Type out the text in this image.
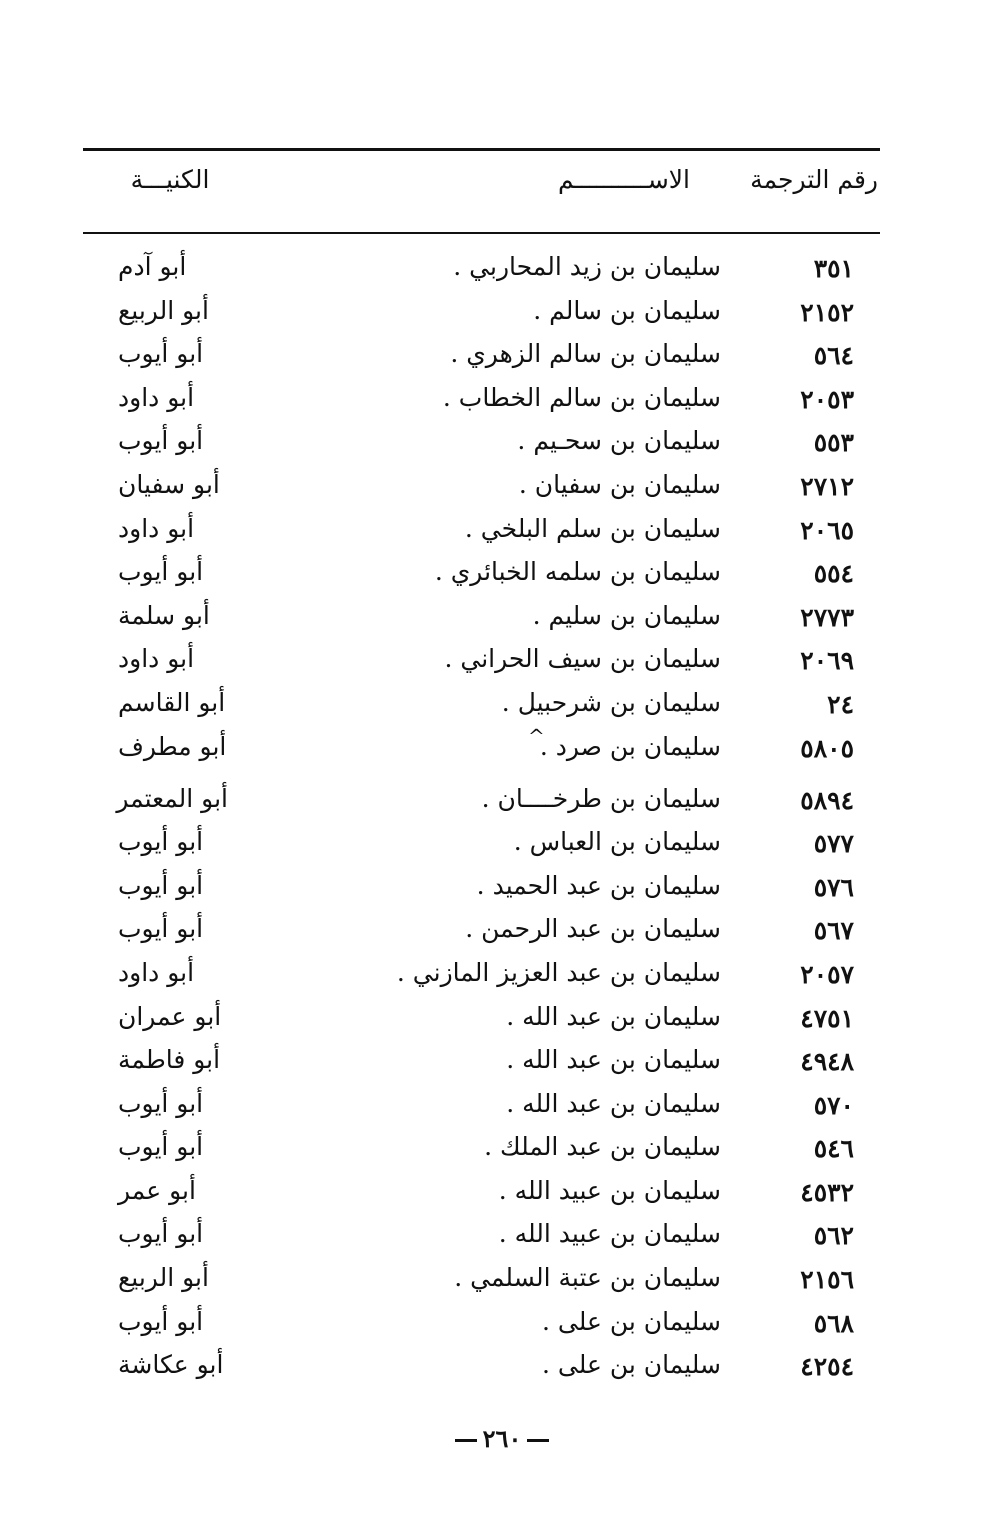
رقم الترجمة
الاســــــــــم
الكنيـــة
٣٥١
سليمان بن زيد المحاربي .
أبو آدم
٢١٥٢
سليمان بن سالم .
أبو الربيع
٥٦٤
سليمان بن سالم الزهري .
أبو أيوب
٢٠٥٣
سليمان بن سالم الخطاب .
أبو داود
٥٥٣
سليمان بن سحـيم .
أبو أيوب
٢٧١٢
سليمان بن سفيان .
أبو سفيان
٢٠٦٥
سليمان بن سلم البلخي .
أبو داود
٥٥٤
سليمان بن سلمه الخبائري .
أبو أيوب
٢٧٧٣
سليمان بن سليم .
أبو سلمة
٢٠٦٩
سليمان بن سيف الحراني .
أبو داود
٢٤
سليمان بن شرحبيل .
أبو القاسم
٥٨٠٥
سليمان بن صرد .
أبو مطرف
٥٨٩٤
سليمان بن طرخــــان .
أبو المعتمر
٥٧٧
سليمان بن العباس .
أبو أيوب
٥٧٦
سليمان بن عبد الحميد .
أبو أيوب
٥٦٧
سليمان بن عبد الرحمن .
أبو أيوب
٢٠٥٧
سليمان بن عبد العزيز المازني .
أبو داود
٤٧٥١
سليمان بن عبد الله .
أبو عمران
٤٩٤٨
سليمان بن عبد الله .
أبو فاطمة
٥٧٠
سليمان بن عبد الله .
أبو أيوب
٥٤٦
سليمان بن عبد الملك .
أبو أيوب
٤٥٣٢
سليمان بن عبيد الله .
أبو عمر
٥٦٢
سليمان بن عبيد الله .
أبو أيوب
٢١٥٦
سليمان بن عتبة السلمي .
أبو الربيع
٥٦٨
سليمان بن على .
أبو أيوب
٤٢٥٤
سليمان بن على .
أبو عكاشة
^
٢٦٠
